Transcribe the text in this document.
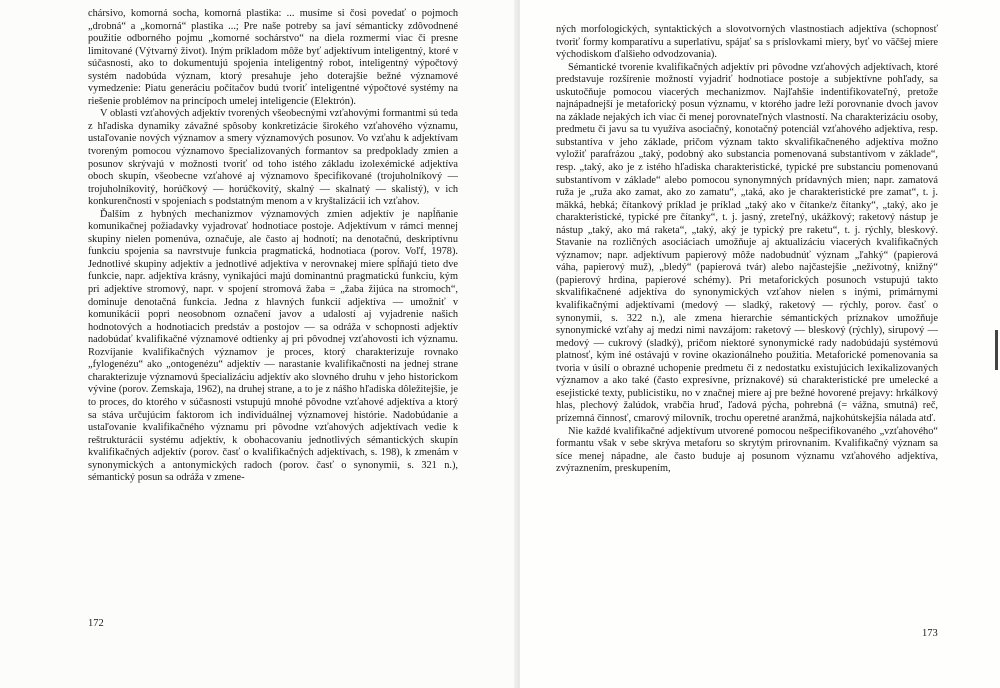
chársivo, komorná socha, komorná plastika: ... musíme si čosi povedať o pojmoch „drobná“ a „komorná“ plastika ...; Pre naše potreby sa javí sémanticky zdôvodnené použitie odborného pojmu „komorné sochárstvo“ na diela rozmermi viac či presne limitované (Výtvarný život). Iným príkladom môže byť adjektívum inteligentný, ktoré v súčasnosti, ako to dokumentujú spojenia inteligentný robot, inteligentný výpočtový systém nadobúda význam, ktorý presahuje jeho doterajšie bežné významové vymedzenie: Piatu generáciu počítačov budú tvoriť inteligentné výpočtové systémy na riešenie problémov na princípoch umelej inteligencie (Elektrón).

V oblasti vzťahových adjektív tvorených všeobecnými vzťahovými formantmi sú teda z hľadiska dynamiky závažné spôsoby konkretizácie širokého vzťahového významu, ustaľovanie nových významov a smery významových posunov. Vo vzťahu k adjektívam tvoreným pomocou významovo špecializovaných formantov sa predpoklady zmien a posunov skrývajú v možnosti tvoriť od toho istého základu izolexémické adjektíva oboch skupín, všeobecne vzťahové aj významovo špecifikované (trojuholníkový — trojuholníkovitý, horúčkový — horúčkovitý, skalný — skalnatý — skalistý), v ich konkurenčnosti v spojeniach s podstatným menom a v kryštalizácii ich vzťahov.

Ďalším z hybných mechanizmov významových zmien adjektív je napĺňanie komunikačnej požiadavky vyjadrovať hodnotiace postoje. Adjektívum v rámci mennej skupiny nielen pomenúva, označuje, ale často aj hodnotí; na denotačnú, deskriptívnu funkciu spojenia sa navrstvuje funkcia pragmatická, hodnotiaca (porov. Voľf, 1978). Jednotlivé skupiny adjektív a jednotlivé adjektíva v nerovnakej miere spĺňajú tieto dve funkcie, napr. adjektíva krásny, vynikajúci majú dominantnú pragmatickú funkciu, kým pri adjektíve stromový, napr. v spojení stromová žaba = „žaba žijúca na stromoch“, dominuje denotačná funkcia. Jedna z hlavných funkcií adjektíva — umožniť v komunikácii popri neosobnom označení javov a udalostí aj vyjadrenie našich hodnotových a hodnotiacich predstáv a postojov — sa odráža v schopnosti adjektív nadobúdať kvalifikačné významové odtienky aj pri pôvodnej vzťahovosti ich významu. Rozvíjanie kvalifikačných významov je proces, ktorý charakterizuje rovnako „fylogenézu“ ako „ontogenézu“ adjektív — narastanie kvalifikačnosti na jednej strane charakterizuje významovú špecializáciu adjektív ako slovného druhu v jeho historickom vývine (porov. Zemskaja, 1962), na druhej strane, a to je z nášho hľadiska dôležitejšie, je to proces, do ktorého v súčasnosti vstupujú mnohé pôvodne vzťahové adjektíva a ktorý sa stáva určujúcim faktorom ich individuálnej významovej histórie. Nadobúdanie a ustaľovanie kvalifikačného významu pri pôvodne vzťahových adjektívach vedie k reštrukturácii systému adjektív, k obohacovaniu jednotlivých sémantických skupín kvalifikačných adjektív (porov. časť o kvalifikačných adjektívach, s. 198), k zmenám v synonymických a antonymických radoch (porov. časť o synonymii, s. 321 n.), sémantický posun sa odráža v zmene-

172

ných morfologických, syntaktických a slovotvorných vlastnostiach adjektíva (schopnosť tvoriť formy komparatívu a superlatívu, spájať sa s príslovkami miery, byť vo väčšej miere východiskom ďalšieho odvodzovania).

Sémantické tvorenie kvalifikačných adjektív pri pôvodne vzťahových adjektívach, ktoré predstavuje rozšírenie možností vyjadriť hodnotiace postoje a subjektívne pohľady, sa uskutočňuje pomocou viacerých mechanizmov. Najľahšie indentifikovateľný, pretože najnápadnejší je metaforický posun významu, v ktorého jadre leží porovnanie dvoch javov na základe nejakých ich viac či menej porovnateľných vlastností. Na charakterizáciu osoby, predmetu či javu sa tu využíva asociačný, konotačný potenciál vzťahového adjektíva, resp. substantíva v jeho základe, pričom význam takto skvalifikačneného adjektíva možno vyložiť parafrázou „taký, podobný ako substancia pomenovaná substantívom v základe“, resp. „taký, ako je z istého hľadiska charakteristické, typické pre substanciu pomenovanú substantívom v základe“ alebo pomocou synonymných prídavných mien; napr. zamatová ruža je „ruža ako zamat, ako zo zamatu“, „taká, ako je charakteristické pre zamat“, t. j. mäkká, hebká; čítankový príklad je príklad „taký ako v čítanke/z čítanky“, „taký, ako je charakteristické, typické pre čítanky“, t. j. jasný, zreteľný, ukážkový; raketový nástup je nástup „taký, ako má raketa“, „taký, aký je typický pre raketu“, t. j. rýchly, bleskový. Stavanie na rozličných asociáciach umožňuje aj aktualizáciu viacerých kvalifikačných významov; napr. adjektívum papierový môže nadobudnúť význam „ľahký“ (papierová váha, papierový muž), „bledý“ (papierová tvár) alebo najčastejšie „neživotný, knižný“ (papierový hrdina, papierové schémy). Pri metaforických posunoch vstupujú takto skvalifikačnené adjektíva do synonymických vzťahov nielen s inými, primárnymi kvalifikačnými adjektívami (medový — sladký, raketový — rýchly, porov. časť o synonymii, s. 322 n.), ale zmena hierarchie sémantických príznakov umožňuje synonymické vzťahy aj medzi nimi navzájom: raketový — bleskový (rýchly), sirupový — medový — cukrový (sladký), pričom niektoré synonymické rady nadobúdajú systémovú platnosť, kým iné ostávajú v rovine okazionálneho použitia. Metaforické pomenovania sa tvoria v úsilí o obrazné uchopenie predmetu či z nedostatku existujúcich lexikalizovaných významov a ako také (často expresívne, príznakové) sú charakteristické pre umelecké a esejistické texty, publicistiku, no v značnej miere aj pre bežné hovorené prejavy: hrkálkový hlas, plechový žalúdok, vrabčia hruď, ľadová pýcha, pohrebná (= vážna, smutná) reč, prízemná činnosť, cmarový milovník, trochu operetné aranžmá, najkohútskejšia nálada atď.

Nie každé kvalifikačné adjektívum utvorené pomocou nešpecifikovaného „vzťahového“ formantu však v sebe skrýva metaforu so skrytým prirovnaním. Kvalifikačný význam sa síce menej nápadne, ale často buduje aj posunom významu vzťahového adjektíva, zvýraznením, preskupením,

173
